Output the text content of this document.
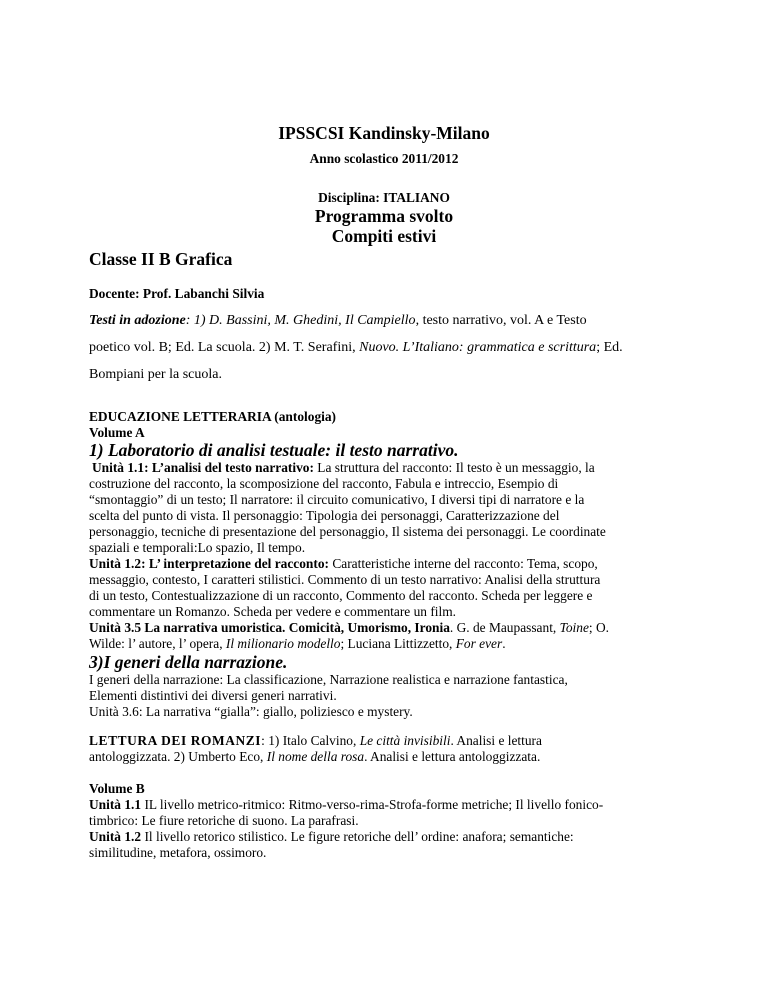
IPSSCSI Kandinsky-Milano
Anno scolastico 2011/2012
Disciplina: ITALIANO
Programma svolto
Compiti estivi
Classe II B Grafica
Docente: Prof. Labanchi Silvia
Testi in adozione: 1) D. Bassini, M. Ghedini, Il Campiello, testo narrativo, vol. A e Testo
poetico vol. B; Ed. La scuola. 2) M. T. Serafini, Nuovo. L’Italiano: grammatica e scrittura; Ed.
Bompiani per la scuola.
EDUCAZIONE LETTERARIA (antologia)
Volume A
1) Laboratorio di analisi testuale: il testo narrativo.
Unità 1.1: L’analisi del testo narrativo: La struttura del racconto: Il testo è un messaggio, la
costruzione del racconto, la scomposizione del racconto, Fabula e intreccio, Esempio di
“smontaggio” di un testo; Il narratore: il circuito comunicativo, I diversi tipi di narratore e la
scelta del punto di vista. Il personaggio: Tipologia dei personaggi, Caratterizzazione del
personaggio, tecniche di presentazione del personaggio, Il sistema dei personaggi. Le coordinate
spaziali e temporali:Lo spazio, Il tempo.
Unità 1.2: L’ interpretazione del racconto: Caratteristiche interne del racconto: Tema, scopo,
messaggio, contesto, I caratteri stilistici. Commento di un testo narrativo: Analisi della struttura
di un testo, Contestualizzazione di un racconto, Commento del racconto. Scheda per leggere e
commentare un Romanzo. Scheda per vedere e commentare un film.
Unità 3.5 La narrativa umoristica. Comicità, Umorismo, Ironia. G. de Maupassant, Toine; O.
Wilde: l’ autore, l’ opera, Il milionario modello; Luciana Littizzetto, For ever.
3)I generi della narrazione.
I generi della narrazione: La classificazione, Narrazione realistica e narrazione fantastica,
Elementi distintivi dei diversi generi narrativi.
Unità 3.6: La narrativa “gialla”: giallo, poliziesco e mystery.
LETTURA DEI ROMANZI: 1) Italo Calvino, Le città invisibili. Analisi e lettura
antologgizzata. 2) Umberto Eco, Il nome della rosa. Analisi e lettura antologgizzata.
Volume B
Unità 1.1 IL livello metrico-ritmico: Ritmo-verso-rima-Strofa-forme metriche; Il livello fonico-
timbrico: Le fiure retoriche di suono. La parafrasi.
Unità 1.2 Il livello retorico stilistico. Le figure retoriche dell’ ordine: anafora; semantiche:
similitudine, metafora, ossimoro.
